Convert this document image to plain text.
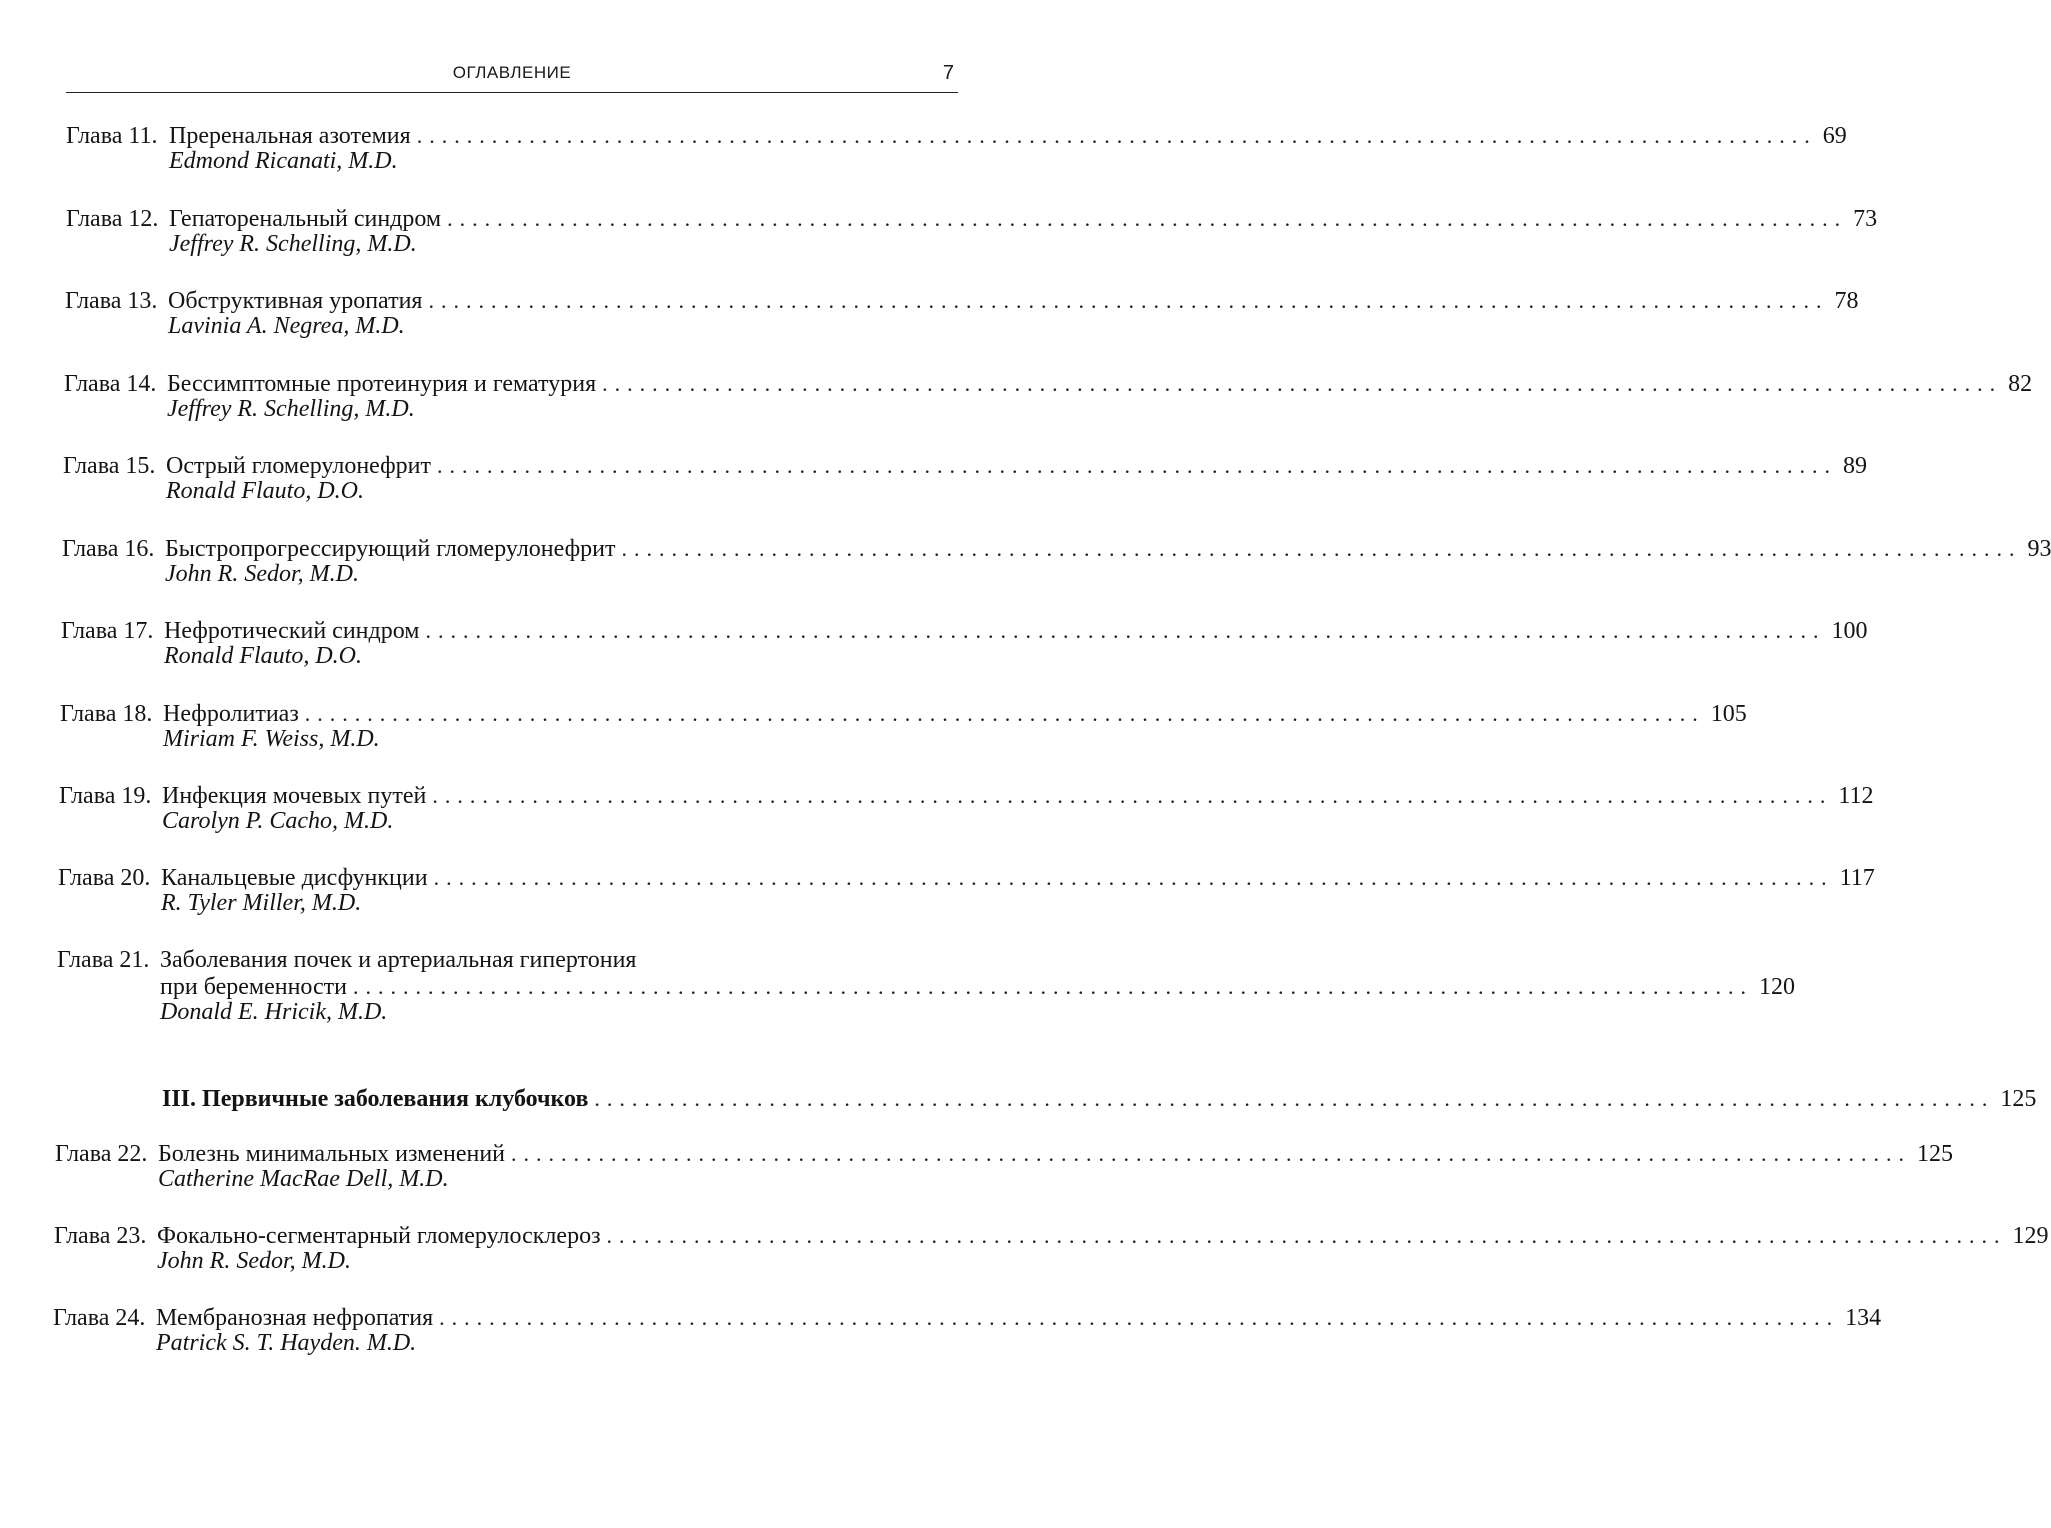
ОГЛАВЛЕНИЕ	7
Глава 11. Преренальная азотемия ................................................................................................................ 69
Edmond Ricanati, M.D.
Глава 12. Гепаторенальный синдром ................................................................................................................ 73
Jeffrey R. Schelling, M.D.
Глава 13. Обструктивная уропатия ................................................................................................................ 78
Lavinia A. Negrea, M.D.
Глава 14. Бессимптомные протеинурия и гематурия ................................................................................................................ 82
Jeffrey R. Schelling, M.D.
Глава 15. Острый гломерулонефрит ................................................................................................................ 89
Ronald Flauto, D.O.
Глава 16. Быстропрогрессирующий гломерулонефрит ................................................................................................................ 93
John R. Sedor, M.D.
Глава 17. Нефротический синдром ................................................................................................................ 100
Ronald Flauto, D.O.
Глава 18. Нефролитиаз ................................................................................................................ 105
Miriam F. Weiss, M.D.
Глава 19. Инфекция мочевых путей ................................................................................................................ 112
Carolyn P. Cacho, M.D.
Глава 20. Канальцевые дисфункции ................................................................................................................ 117
R. Tyler Miller, M.D.
Глава 21. Заболевания почек и артериальная гипертония
при беременности ................................................................................................................ 120
Donald E. Hricik, M.D.
III. Первичные заболевания клубочков ................................................................................................................ 125
Глава 22. Болезнь минимальных изменений ................................................................................................................ 125
Catherine MacRae Dell, M.D.
Глава 23. Фокально-сегментарный гломерулосклероз ................................................................................................................ 129
John R. Sedor, M.D.
Глава 24. Мембранозная нефропатия ................................................................................................................ 134
Patrick S. T. Hayden. M.D.
